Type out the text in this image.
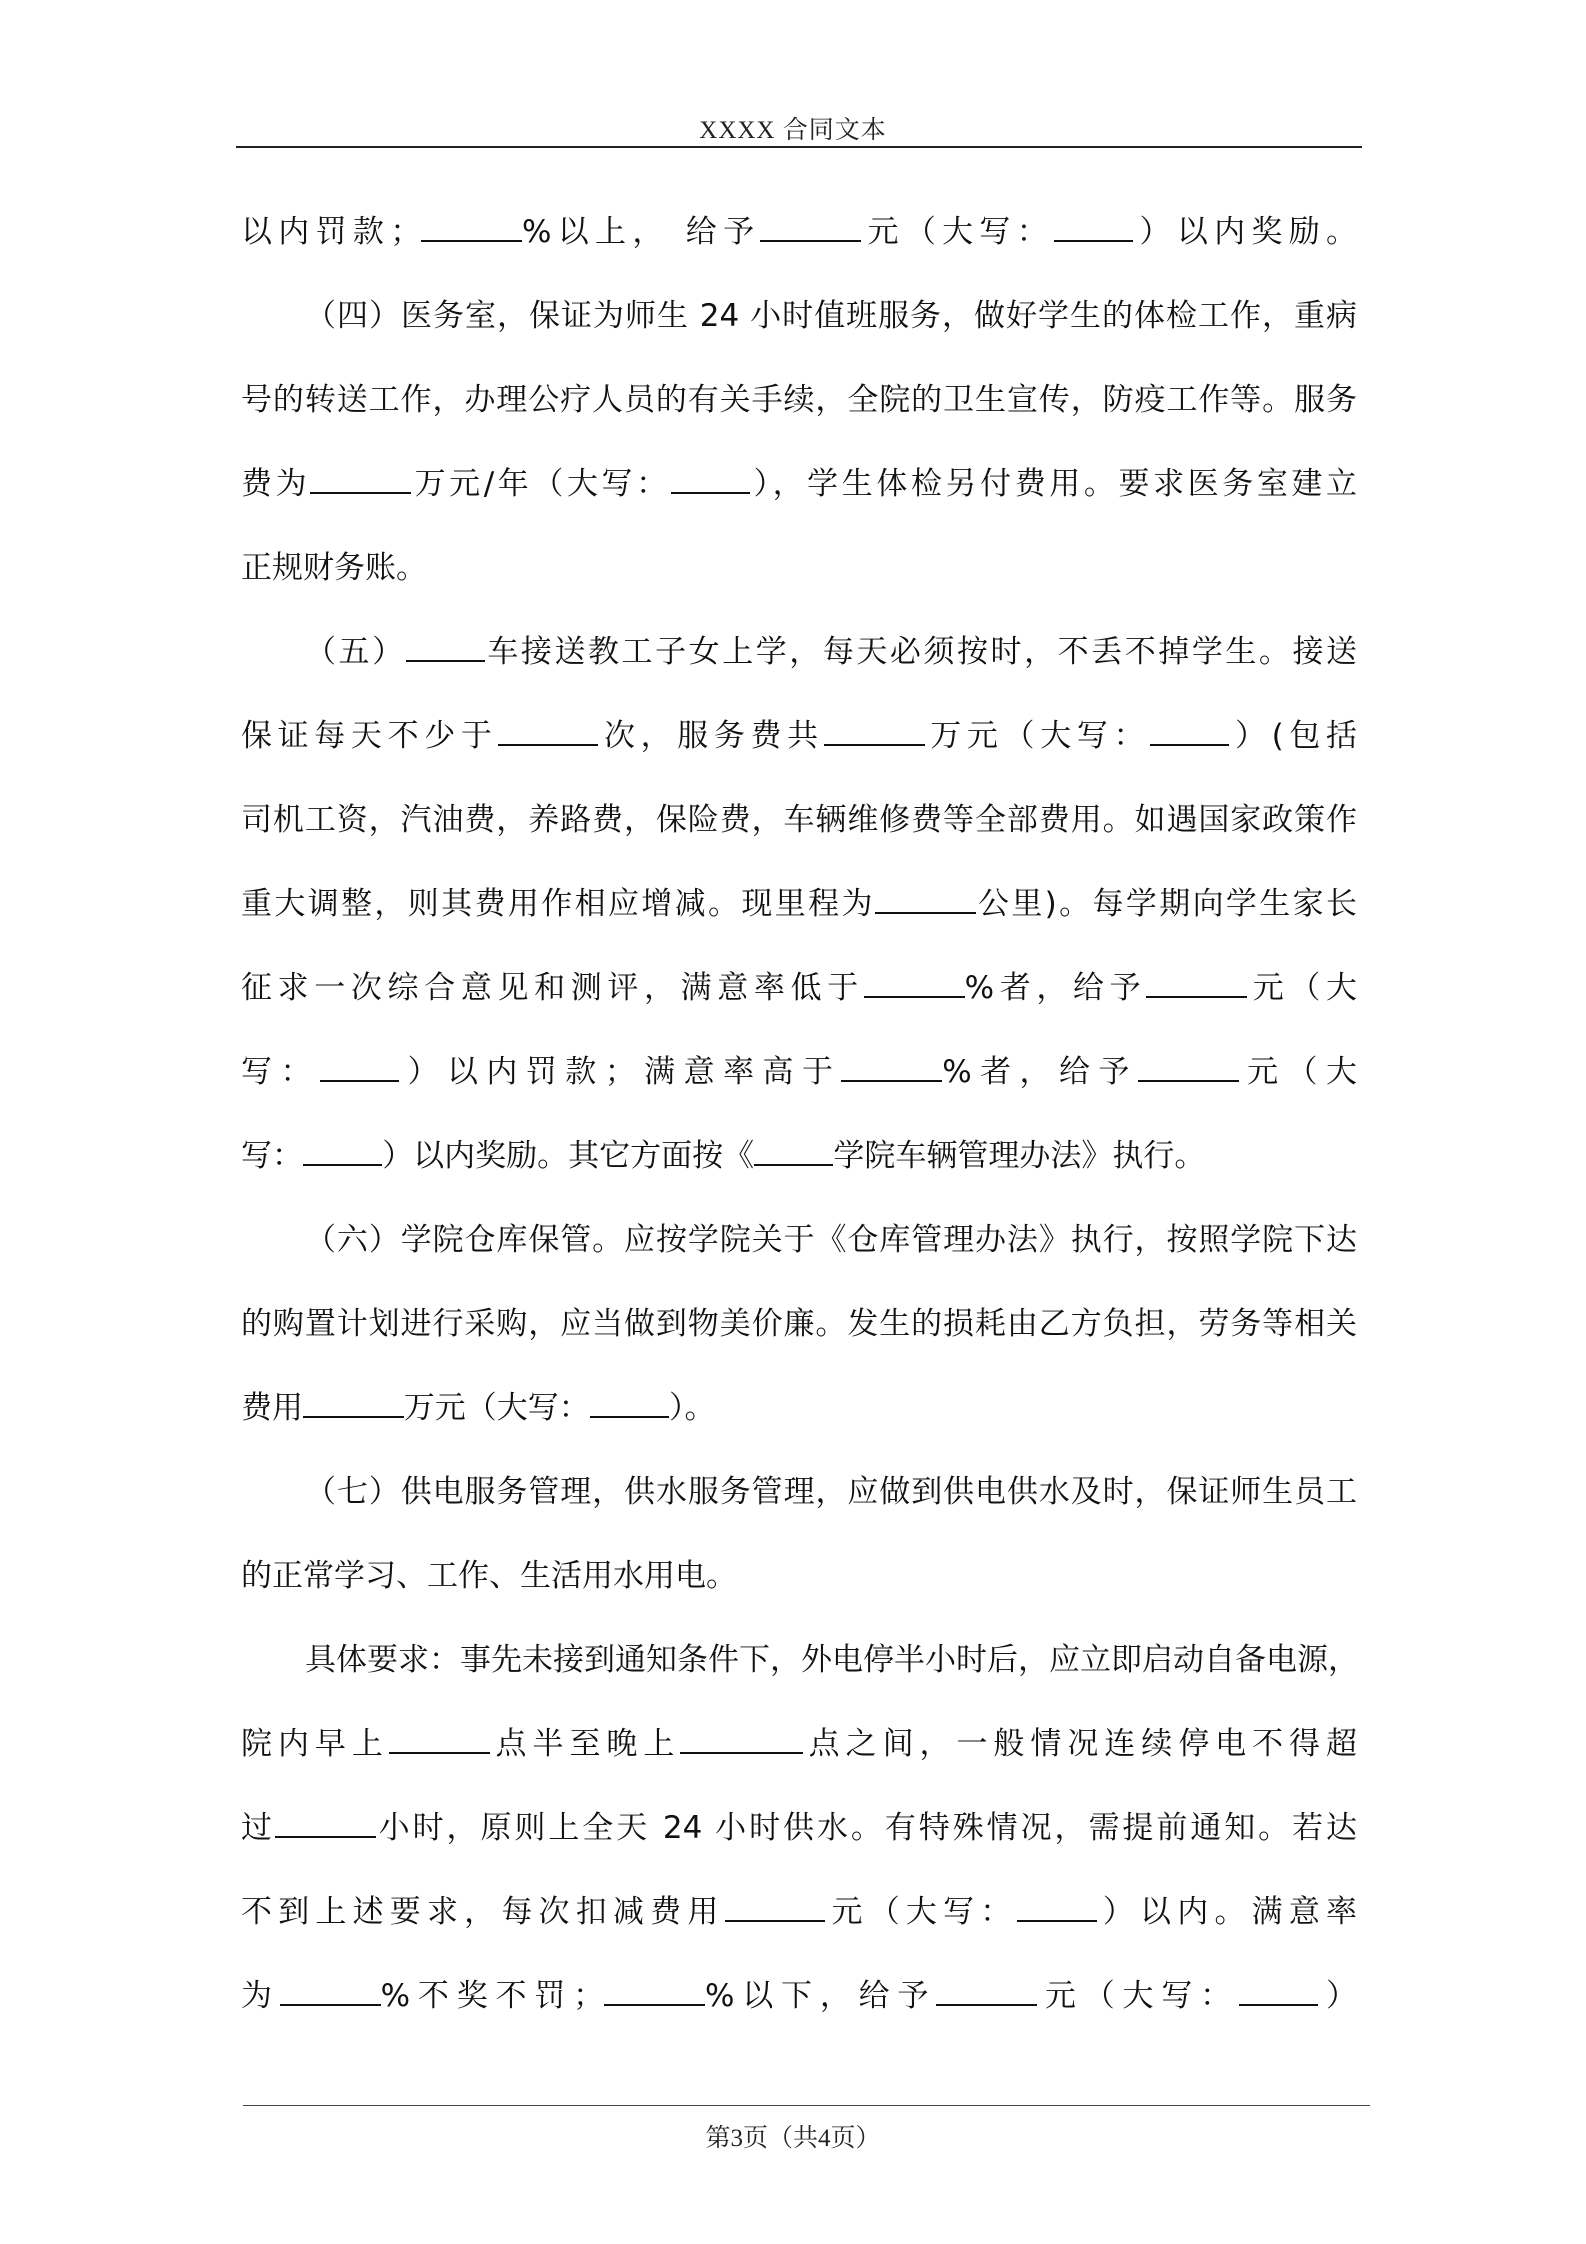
XXXX 合同文本
以内罚款；	%以上， 给予	元（大写：	）以内奖励。
（四）医务室，保证为师生 24 小时值班服务，做好学生的体检工作，重病
号的转送工作，办理公疗人员的有关手续，全院的卫生宣传，防疫工作等。服务
费为	万元/年（大写：	），学生体检另付费用。要求医务室建立
正规财务账。
（五）	车接送教工子女上学，每天必须按时，不丢不掉学生。接送
保证每天不少于	次，服务费共	万元（大写：	）(包括
司机工资，汽油费，养路费，保险费，车辆维修费等全部费用。如遇国家政策作
重大调整，则其费用作相应增减。现里程为	公里)。每学期向学生家长
征求一次综合意见和测评，满意率低于	%者，给予	元（大
写：	）以内罚款；满意率高于	%者，给予	元（大
写：	）以内奖励。其它方面按《	学院车辆管理办法》执行。
（六）学院仓库保管。应按学院关于《仓库管理办法》执行，按照学院下达
的购置计划进行采购，应当做到物美价廉。发生的损耗由乙方负担，劳务等相关
费用	万元（大写：	）。
（七）供电服务管理，供水服务管理，应做到供电供水及时，保证师生员工
的正常学习、工作、生活用水用电。
具体要求：事先未接到通知条件下，外电停半小时后，应立即启动自备电源，
院内早上	点半至晚上	点之间，一般情况连续停电不得超
过	小时，原则上全天 24 小时供水。有特殊情况，需提前通知。若达
不到上述要求，每次扣减费用	元（大写：	）以内。满意率
为	%不奖不罚；	%以下，给予	元（大写：	）
第3页（共4页）
